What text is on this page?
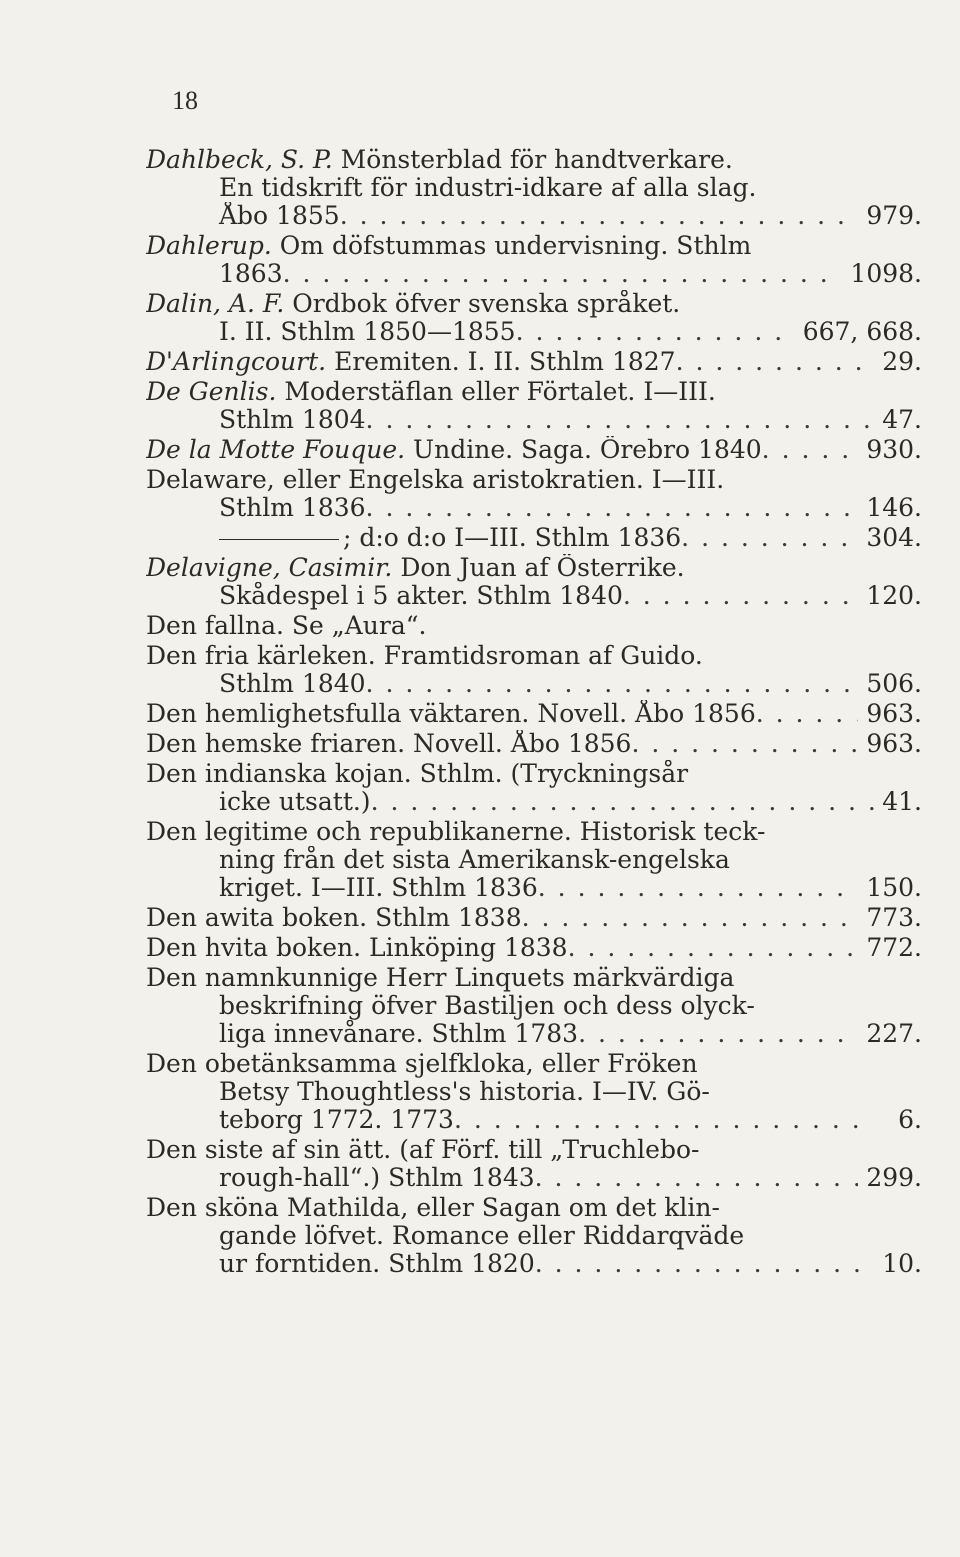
18
Dahlbeck, S. P. Mönsterblad för handtverkare.
En tidskrift för industri-idkare af alla slag.
Åbo 1855 . . .	979.
Dahlerup. Om döfstummas undervisning. Sthlm
1863 . . .	1098.
Dalin, A. F. Ordbok öfver svenska språket.
I. II. Sthlm 1850—1855 . . .	667, 668.
D'Arlingcourt. Eremiten. I. II. Sthlm 1827 . . .	29.
De Genlis. Moderstäflan eller Förtalet. I—III.
Sthlm 1804 . . .	47.
De la Motte Fouque. Undine. Saga. Örebro 1840 . . .	930.
Delaware, eller Engelska aristokratien. I—III.
Sthlm 1836 . . .	146.
; d:o d:o I—III. Sthlm 1836 . . .	304.
Delavigne, Casimir. Don Juan af Österrike.
Skådespel i 5 akter. Sthlm 1840 . . .	120.
Den fallna. Se „Aura“.
Den fria kärleken. Framtidsroman af Guido.
Sthlm 1840 . . .	506.
Den hemlighetsfulla väktaren. Novell. Åbo 1856 . . .	963.
Den hemske friaren. Novell. Åbo 1856 . . .	963.
Den indianska kojan. Sthlm. (Tryckningsår
icke utsatt.) . . .	41.
Den legitime och republikanerne. Historisk teck-
ning från det sista Amerikansk-engelska
kriget. I—III. Sthlm 1836 . . .	150.
Den awita boken. Sthlm 1838 . . .	773.
Den hvita boken. Linköping 1838 . . .	772.
Den namnkunnige Herr Linquets märkvärdiga
beskrifning öfver Bastiljen och dess olyck-
liga innevånare. Sthlm 1783 . . .	227.
Den obetänksamma sjelfkloka, eller Fröken
Betsy Thoughtless's historia. I—IV. Gö-
teborg 1772. 1773 . . .	6.
Den siste af sin ätt. (af Förf. till „Truchlebo-
rough-hall“.) Sthlm 1843 . . .	299.
Den sköna Mathilda, eller Sagan om det klin-
gande löfvet. Romance eller Riddarqväde
ur forntiden. Sthlm 1820 . . .	10.
